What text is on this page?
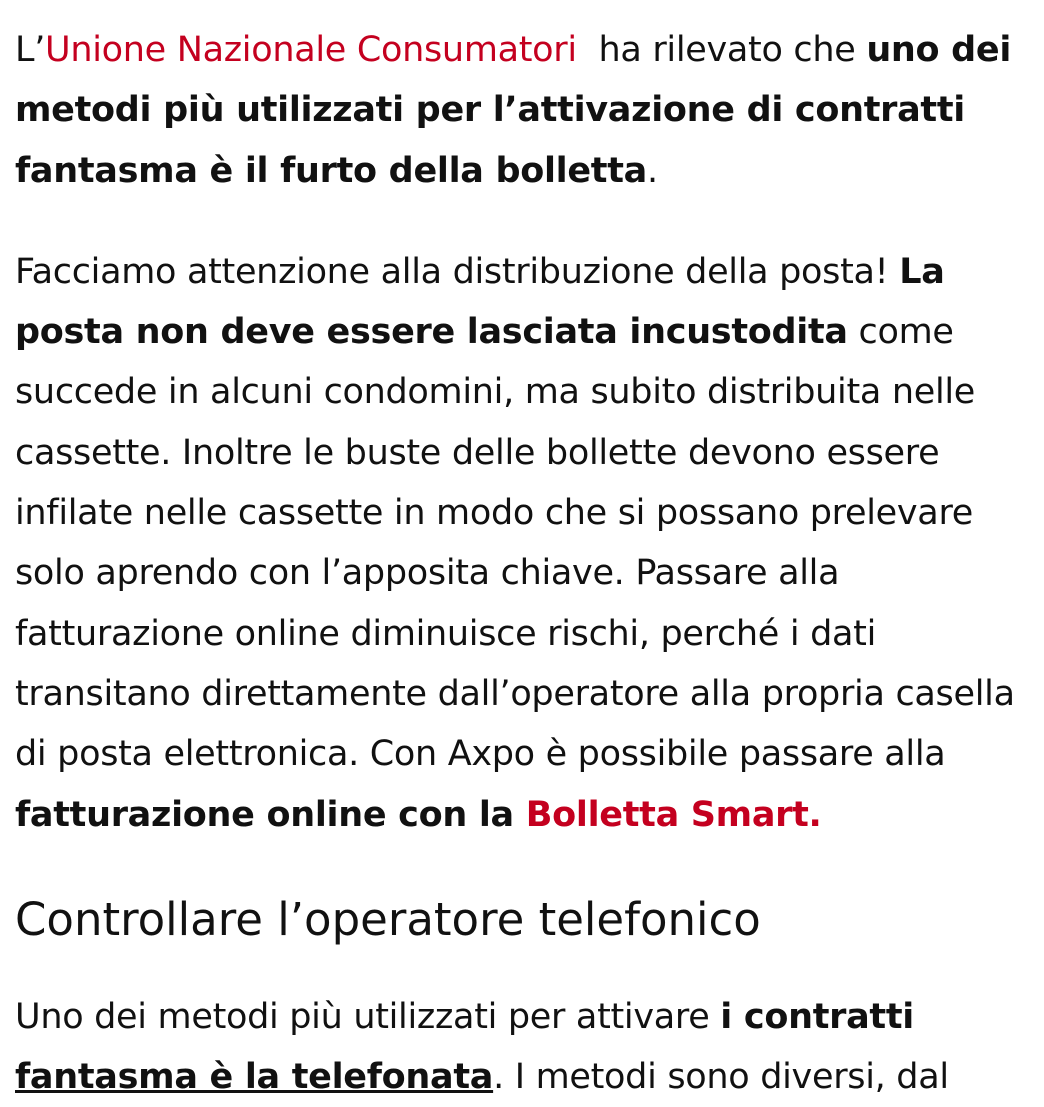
L’Unione Nazionale Consumatori  ha rilevato che uno dei metodi più utilizzati per l’attivazione di contratti fantasma è il furto della bolletta.

Facciamo attenzione alla distribuzione della posta! La posta non deve essere lasciata incustodita come succede in alcuni condomini, ma subito distribuita nelle cassette. Inoltre le buste delle bollette devono essere infilate nelle cassette in modo che si possano prelevare solo aprendo con l’apposita chiave. Passare alla fatturazione online diminuisce rischi, perché i dati transitano direttamente dall’operatore alla propria casella di posta elettronica. Con Axpo è possibile passare alla fatturazione online con la Bolletta Smart.

Controllare l’operatore telefonico

Uno dei metodi più utilizzati per attivare i contratti fantasma è la telefonata. I metodi sono diversi, dal
